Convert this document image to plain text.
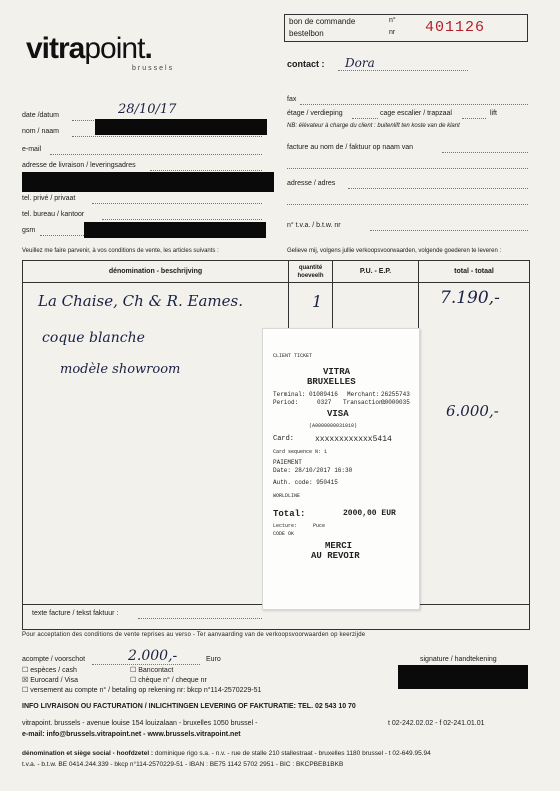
vitrapoint.
brussels
bon de commande
bestelbon
n°
nr 401126
contact : Dora
date /datum	28/10/17
nom / naam
e-mail
adresse de livraison / leveringsadres
tel. privé / privaat
tel. bureau / kantoor
gsm
Veuillez me faire parvenir, à vos conditions de vente, les articles suivants :
fax
étage / verdieping	cage escalier / trapzaal	lift
NB: élévateur à charge du client : buitenlift ten koste van de klant
facture au nom de / faktuur op naam van
adresse / adres
n° t.v.a. / b.t.w. nr
Gelieve mij, volgens jullie verkoopsvoorwaarden, volgende goederen te leveren :
dénomination - beschrijving	quantité hoeveelh	P.U. - E.P.	total - totaal
La Chaise, Ch & R. Eames.
coque blanche
modèle showroom
1	7.190,-
6.000,-
texte facture / tekst faktuur :
CLIENT TICKET
VITRA
BRUXELLES
Terminal: 01089416 Merchant: 26255743
Period:	0327 Transaction:
00000035
VISA
(A0000000031010)
Card:	xxxxxxxxxxxx5414
Card sequence N: 1
PAIEMENT
Date: 28/10/2017 16:30
Auth. code: 950415
WORLDLINE
Total:	2000,00 EUR
Lecture:	Puce
CODE OK
MERCI
AU REVOIR
Pour acceptation des conditions de vente reprises au verso - Ter aanvaarding van de verkoopsvoorwaarden op keerzijde
acompte / voorschot	2.000,-	Euro
☐ espèces / cash	☐ Bancontact
☒ Eurocard / Visa	☐ chèque n° / cheque nr
☐ versement au compte n° / betaling op rekening nr: bkcp n°114-2570229-51
signature / handtekening
INFO LIVRAISON OU FACTURATION / INLICHTINGEN LEVERING OF FAKTURATIE: TEL. 02 543 10 70
vitrapoint. brussels - avenue louise 154 louizalaan - bruxelles 1050 brussel -	t 02-242.02.02 - f 02-241.01.01
e-mail: info@brussels.vitrapoint.net - www.brussels.vitrapoint.net
dénomination et siège social - hoofdzetel : dominique rigo s.a. - n.v. - rue de stalle 210 stallestraat - bruxelles 1180 brussel - t 02-649.95.94
t.v.a. - b.t.w. BE 0414.244.339 - bkcp n°114-2570229-51 - IBAN : BE75 1142 5702 2951 - BIC : BKCPBEB1BKB
